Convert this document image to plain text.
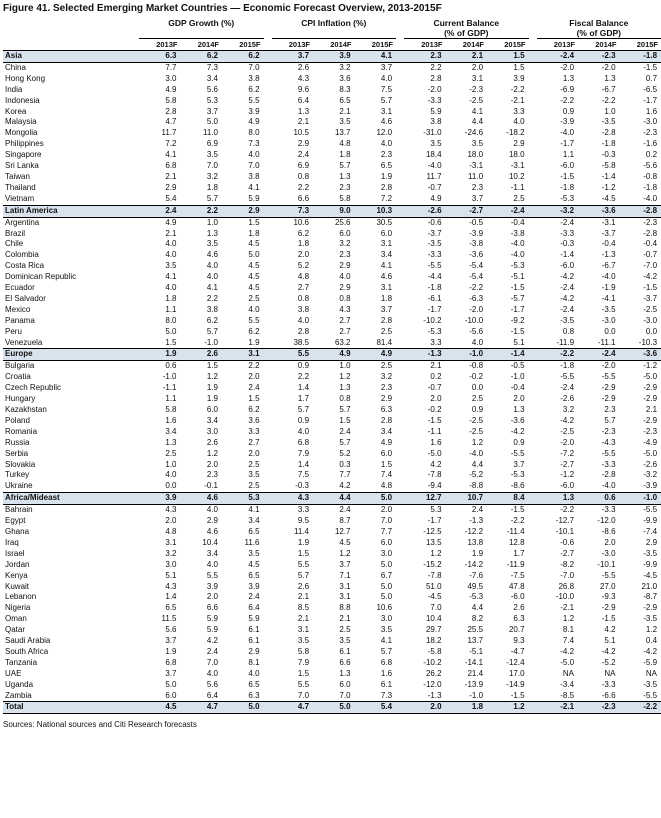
Figure 41. Selected Emerging Market Countries — Economic Forecast Overview, 2013-2015F
	GDP Growth (%)				CPI Inflation (%)				Current Balance				Fiscal Balance		
									(% of GDP)				(% of GDP)		
	2013F	2014F	2015F		2013F	2014F	2015F		2013F	2014F	2015F		2013F	2014F	2015F
Asia	6.3	6.2	6.2		3.7	3.9	4.1		2.3	2.1	1.5		-2.4	-2.3	-1.8
China	7.7	7.3	7.0		2.6	3.2	3.7		2.2	2.0	1.5		-2.0	-2.0	-1.5
Hong Kong	3.0	3.4	3.8		4.3	3.6	4.0		2.8	3.1	3.9		1.3	1.3	0.7
India	4.9	5.6	6.2		9.6	8.3	7.5		-2.0	-2.3	-2.2		-6.9	-6.7	-6.5
Indonesia	5.8	5.3	5.5		6.4	6.5	5.7		-3.3	-2.5	-2.1		-2.2	-2.2	-1.7
Korea	2.8	3.7	3.9		1.3	2.1	3.1		5.9	4.1	3.3		0.9	1.0	1.6
Malaysia	4.7	5.0	4.9		2.1	3.5	4.6		3.8	4.4	4.0		-3.9	-3.5	-3.0
Mongolia	11.7	11.0	8.0		10.5	13.7	12.0		-31.0	-24.6	-18.2		-4.0	-2.8	-2.3
Philippines	7.2	6.9	7.3		2.9	4.8	4.0		3.5	3.5	2.9		-1.7	-1.8	-1.6
Singapore	4.1	3.5	4.0		2.4	1.8	2.3		18.4	18.0	18.0		1.1	-0.3	0.2
Sri Lanka	6.8	7.0	7.0		6.9	5.7	6.5		-4.0	-3.1	-3.1		-6.0	-5.8	-5.6
Taiwan	2.1	3.2	3.8		0.8	1.3	1.9		11.7	11.0	10.2		-1.5	-1.4	-0.8
Thailand	2.9	1.8	4.1		2.2	2.3	2.8		-0.7	2.3	-1.1		-1.8	-1.2	-1.8
Vietnam	5.4	5.7	5.9		6.6	5.8	7.2		4.9	3.7	2.5		-5.3	-4.5	-4.0
Latin America	2.4	2.2	2.9		7.3	9.0	10.3		-2.6	-2.7	-2.4		-3.2	-3.6	-2.8
Argentina	4.9	1.0	1.5		10.6	25.6	30.5		-0.6	-0.5	-0.4		-2.4	-3.1	-2.3
Brazil	2.1	1.3	1.8		6.2	6.0	6.0		-3.7	-3.9	-3.8		-3.3	-3.7	-2.8
Chile	4.0	3.5	4.5		1.8	3.2	3.1		-3.5	-3.8	-4.0		-0.3	-0.4	-0.4
Colombia	4.0	4.6	5.0		2.0	2.3	3.4		-3.3	-3.6	-4.0		-1.4	-1.3	-0.7
Costa Rica	3.5	4.0	4.5		5.2	2.9	4.1		-5.5	-5.4	-5.3		-6.0	-6.7	-7.0
Dominican Republic	4.1	4.0	4.5		4.8	4.0	4.6		-4.4	-5.4	-5.1		-4.2	-4.0	-4.2
Ecuador	4.0	4.1	4.5		2.7	2.9	3.1		-1.8	-2.2	-1.5		-2.4	-1.9	-1.5
El Salvador	1.8	2.2	2.5		0.8	0.8	1.8		-6.1	-6.3	-5.7		-4.2	-4.1	-3.7
Mexico	1.1	3.8	4.0		3.8	4.3	3.7		-1.7	-2.0	-1.7		-2.4	-3.5	-2.5
Panama	8.0	6.2	5.5		4.0	2.7	2.8		-10.2	-10.0	-9.2		-3.5	-3.0	-3.0
Peru	5.0	5.7	6.2		2.8	2.7	2.5		-5.3	-5.6	-1.5		0.8	0.0	0.0
Venezuela	1.5	-1.0	1.9		38.5	63.2	81.4		3.3	4.0	5.1		-11.9	-11.1	-10.3
Europe	1.9	2.6	3.1		5.5	4.9	4.9		-1.3	-1.0	-1.4		-2.2	-2.4	-3.6
Bulgaria	0.6	1.5	2.2		0.9	1.0	2.5		2.1	-0.8	-0.5		-1.8	-2.0	-1.2
Croatia	-1.0	1.2	2.0		2.2	1.2	3.2		0.2	-0.2	-1.0		-5.5	-5.5	-5.0
Czech Republic	-1.1	1.9	2.4		1.4	1.3	2.3		-0.7	0.0	-0.4		-2.4	-2.9	-2.9
Hungary	1.1	1.9	1.5		1.7	0.8	2.9		2.0	2.5	2.0		-2.6	-2.9	-2.9
Kazakhstan	5.8	6.0	6.2		5.7	5.7	6.3		-0.2	0.9	1.3		3.2	2.3	2.1
Poland	1.6	3.4	3.6		0.9	1.5	2.8		-1.5	-2.5	-3.6		-4.2	5.7	-2.9
Romania	3.4	3.0	3.3		4.0	2.4	3.4		-1.1	-2.5	-4.2		-2.5	-2.3	-2.3
Russia	1.3	2.6	2.7		6.8	5.7	4.9		1.6	1.2	0.9		-2.0	-4.3	-4.9
Serbia	2.5	1.2	2.0		7.9	5.2	6.0		-5.0	-4.0	-5.5		-7.2	-5.5	-5.0
Slovakia	1.0	2.0	2.5		1.4	0.3	1.5		4.2	4.4	3.7		-2.7	-3.3	-2.6
Turkey	4.0	2.3	3.5		7.5	7.7	7.4		-7.8	-5.2	-5.3		-1.2	-2.8	-3.2
Ukraine	0.0	-0.1	2.5		-0.3	4.2	4.8		-9.4	-8.8	-8.6		-6.0	-4.0	-3.9
Africa/Mideast	3.9	4.6	5.3		4.3	4.4	5.0		12.7	10.7	8.4		1.3	0.6	-1.0
Bahrain	4.3	4.0	4.1		3.3	2.4	2.0		5.3	2.4	-1.5		-2.2	-3.3	-5.5
Egypt	2.0	2.9	3.4		9.5	8.7	7.0		-1.7	-1.3	-2.2		-12.7	-12.0	-9.9
Ghana	4.8	4.6	6.5		11.4	12.7	7.7		-12.5	-12.2	-11.4		-10.1	-8.6	-7.4
Iraq	3.1	10.4	11.6		1.9	4.5	6.0		13.5	13.8	12.8		-0.6	2.0	2.9
Israel	3.2	3.4	3.5		1.5	1.2	3.0		1.2	1.9	1.7		-2.7	-3.0	-3.5
Jordan	3.0	4.0	4.5		5.5	3.7	5.0		-15.2	-14.2	-11.9		-8.2	-10.1	-9.9
Kenya	5.1	5.5	6.5		5.7	7.1	6.7		-7.8	-7.6	-7.5		-7.0	-5.5	-4.5
Kuwait	4.3	3.9	3.9		2.6	3.1	5.0		51.0	49.5	47.8		26.8	27.0	21.0
Lebanon	1.4	2.0	2.4		2.1	3.1	5.0		-4.5	-5.3	-6.0		-10.0	-9.3	-8.7
Nigeria	6.5	6.6	6.4		8.5	8.8	10.6		7.0	4.4	2.6		-2.1	-2.9	-2.9
Oman	11.5	5.9	5.9		2.1	2.1	3.0		10.4	8.2	6.3		1.2	-1.5	-3.5
Qatar	5.6	5.9	6.1		3.1	2.5	3.5		29.7	25.5	20.7		8.1	4.2	1.2
Saudi Arabia	3.7	4.2	6.1		3.5	3.5	4.1		18.2	13.7	9.3		7.4	5.1	0.4
South Africa	1.9	2.4	2.9		5.8	6.1	5.7		-5.8	-5.1	-4.7		-4.2	-4.2	-4.2
Tanzania	6.8	7.0	8.1		7.9	6.6	6.8		-10.2	-14.1	-12.4		-5.0	-5.2	-5.9
UAE	3.7	4.0	4.0		1.5	1.3	1.6		26.2	21.4	17.0		NA	NA	NA
Uganda	5.0	5.6	6.5		5.5	6.0	6.1		-12.0	-13.9	-14.9		-3.4	-3.3	-3.5
Zambia	6.0	6.4	6.3		7.0	7.0	7.3		-1.3	-1.0	-1.5		-8.5	-6.6	-5.5
Total	4.5	4.7	5.0		4.7	5.0	5.4		2.0	1.8	1.2		-2.1	-2.3	-2.2
Sources: National sources and Citi Research forecasts
